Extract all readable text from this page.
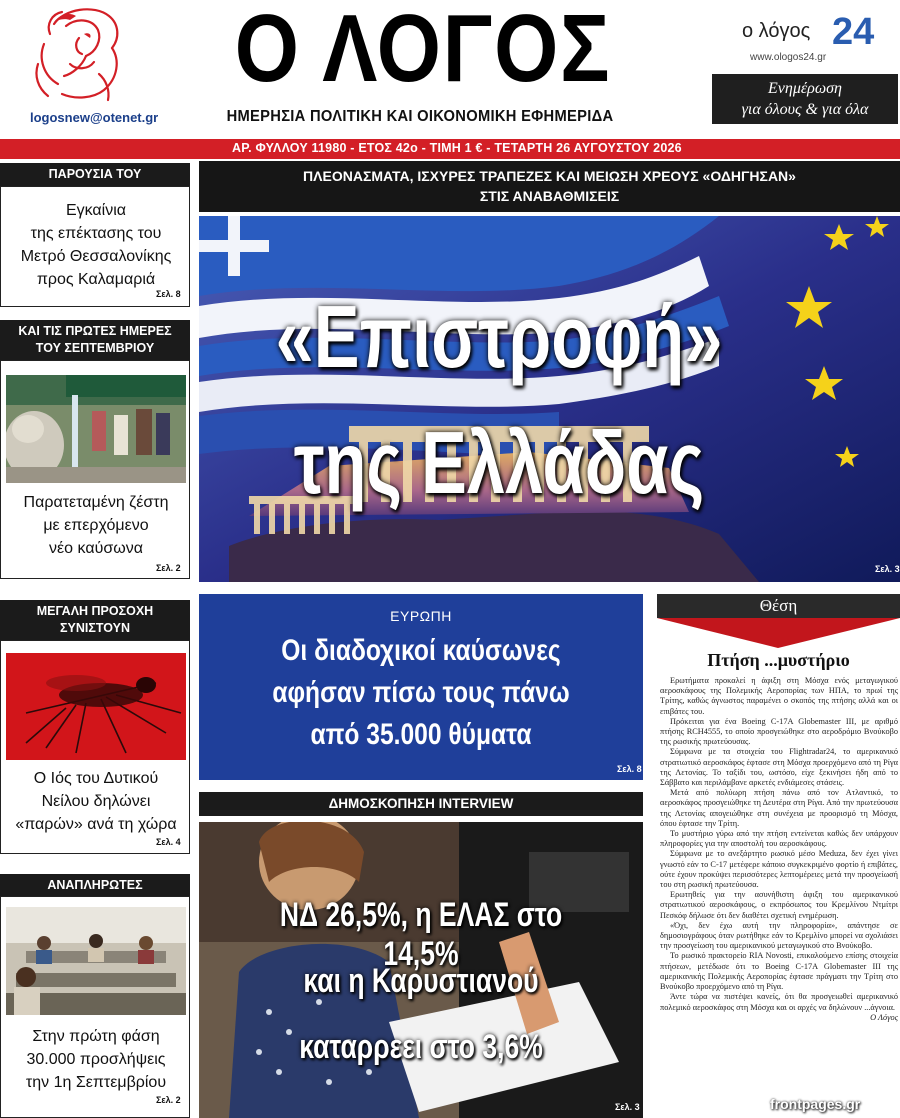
logosnew@otenet.gr
Ο ΛΟΓΟΣ
ΗΜΕΡΗΣΙΑ ΠΟΛΙΤΙΚΗ ΚΑΙ ΟΙΚΟΝΟΜΙΚΗ ΕΦΗΜΕΡΙΔΑ
ο λόγος 24
www.ologos24.gr
Ενημέρωση
για όλους & για όλα
ΑΡ. ΦΥΛΛΟΥ 11980 - ΕΤΟΣ 42ο - ΤΙΜΗ 1 € - ΤΕΤΑΡΤΗ 26 ΑΥΓΟΥΣΤΟΥ 2026
ΠΑΡΟΥΣΙΑ ΤΟΥ
Εγκαίνια
της επέκτασης του
Μετρό Θεσσαλονίκης
προς Καλαμαριά
Σελ. 8
ΚΑΙ ΤΙΣ ΠΡΩΤΕΣ ΗΜΕΡΕΣ
ΤΟΥ ΣΕΠΤΕΜΒΡΙΟΥ
Παρατεταμένη ζέστη
με επερχόμενο
νέο καύσωνα
Σελ. 2
ΜΕΓΑΛΗ ΠΡΟΣΟΧΗ ΣΥΝΙΣΤΟΥΝ
Ο Ιός του Δυτικού
Νείλου δηλώνει
«παρών» ανά τη χώρα
Σελ. 4
ΑΝΑΠΛΗΡΩΤΕΣ
Στην πρώτη φάση
30.000 προσλήψεις
την 1η Σεπτεμβρίου
Σελ. 2
ΠΛΕΟΝΑΣΜΑΤΑ, ΙΣΧΥΡΕΣ ΤΡΑΠΕΖΕΣ ΚΑΙ ΜΕΙΩΣΗ ΧΡΕΟΥΣ «ΟΔΗΓΗΣΑΝ»
ΣΤΙΣ ΑΝΑΒΑΘΜΙΣΕΙΣ
«Επιστροφή»
της Ελλάδας
Σελ. 3
ΕΥΡΩΠΗ
Οι διαδοχικοί καύσωνες
αφήσαν πίσω τους πάνω
από 35.000 θύματα
Σελ. 8
ΔΗΜΟΣΚΟΠΗΣΗ INTERVIEW
ΝΔ 26,5%, η ΕΛΑΣ στο 14,5%
και η Καρυστιανού
καταρρεει στο 3,6%
Σελ. 3
Θέση
Πτήση ...μυστήριο

Ερωτήματα προκαλεί η άφιξη στη Μόσχα ενός μεταγωγικού αεροσκάφους της Πολεμικής Αεροπορίας των ΗΠΑ, το πρωί της Τρίτης, καθώς άγνωστος παραμένει ο σκοπός της πτήσης αλλά και οι επιβάτες του.

Πρόκειται για ένα Boeing C-17A Globemaster III, με αριθμό πτήσης RCH4555, το οποίο προσγειώθηκε στο αεροδρόμιο Βνούκοβο της ρωσικής πρωτεύουσας.

Σύμφωνα με τα στοιχεία του Flightradar24, το αμερικανικό στρατιωτικό αεροσκάφος έφτασε στη Μόσχα προερχόμενο από τη Ρίγα της Λετονίας. Το ταξίδι του, ωστόσο, είχε ξεκινήσει ήδη από το Σάββατο και περιλάμβανε αρκετές ενδιάμεσες στάσεις.

Μετά από πολύωρη πτήση πάνω από τον Ατλαντικό, το αεροσκάφος προσγειώθηκε τη Δευτέρα στη Ρίγα. Από την πρωτεύουσα της Λετονίας απογειώθηκε στη συνέχεια με προορισμό τη Μόσχα, όπου έφτασε την Τρίτη.

Το μυστήριο γύρω από την πτήση εντείνεται καθώς δεν υπάρχουν πληροφορίες για την αποστολή του αεροσκάφους.

Σύμφωνα με το ανεξάρτητο ρωσικό μέσο Meduza, δεν έχει γίνει γνωστό εάν το C-17 μετέφερε κάποιο συγκεκριμένο φορτίο ή επιβάτες, ούτε έχουν προκύψει περισσότερες λεπτομέρειες μετά την προσγείωσή του στη ρωσική πρωτεύουσα.

Ερωτηθείς για την ασυνήθιστη άφιξη του αμερικανικού στρατιωτικού αεροσκάφους, ο εκπρόσωπος του Κρεμλίνου Ντμίτρι Πεσκόφ δήλωσε ότι δεν διαθέτει σχετική ενημέρωση.

«Όχι, δεν έχω αυτή την πληροφορία», απάντησε σε δημοσιογράφους όταν ρωτήθηκε εάν το Κρεμλίνο μπορεί να σχολιάσει την προσγείωση του αμερικανικού μεταγωγικού στο Βνούκοβο.

Το ρωσικό πρακτορείο RIA Novosti, επικαλούμενο επίσης στοιχεία πτήσεων, μετέδωσε ότι το Boeing C-17A Globemaster III της αμερικανικής Πολεμικής Αεροπορίας έφτασε πράγματι την Τρίτη στο Βνούκοβο προερχόμενο από τη Ρίγα.

Άντε τώρα να πιστέψει κανείς, ότι θα προσγειωθεί αμερικανικό πολεμικό αεροσκάφος στη Μόσχα και οι αρχές να δηλώνουν ...άγνοια.

Ο Λόγος

frontpages.gr
